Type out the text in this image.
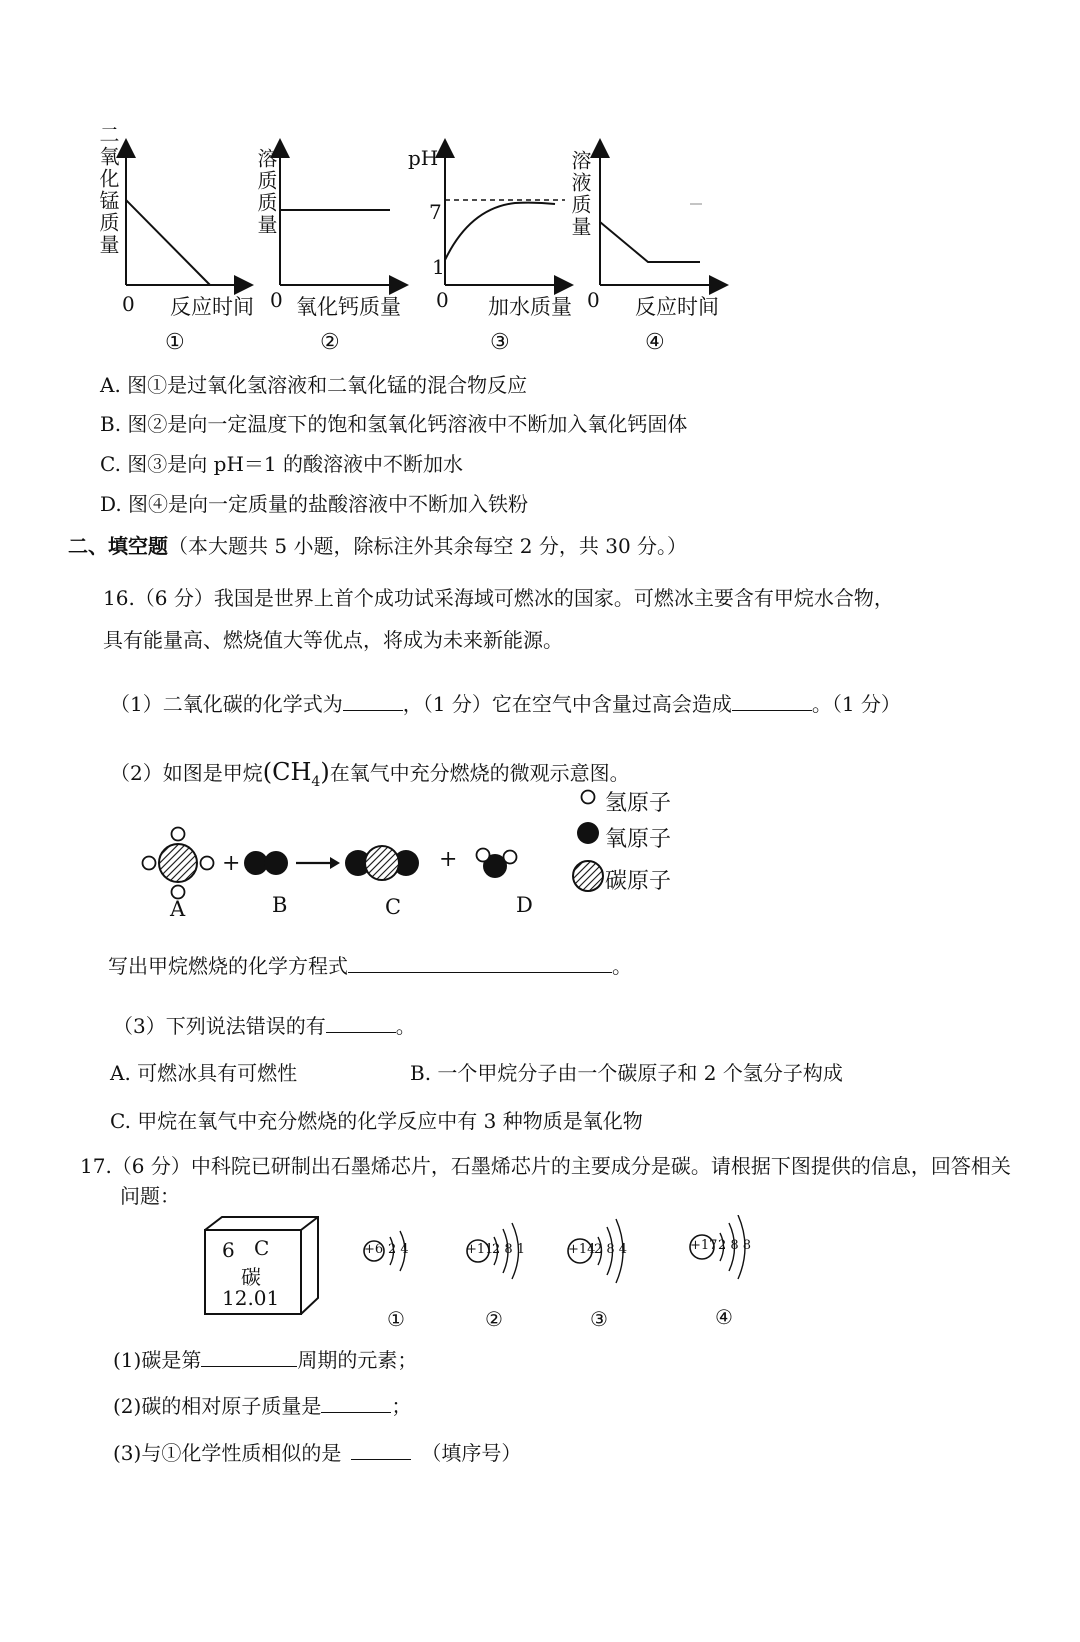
二氧化锰质量
0 反应时间
①
溶质质量
0 氧化钙质量
②
pH
7
1
0 加水质量
③
溶液质量
0 反应时间
④
A. 图①是过氧化氢溶液和二氧化锰的混合物反应
B. 图②是向一定温度下的饱和氢氧化钙溶液中不断加入氧化钙固体
C. 图③是向 pH＝1 的酸溶液中不断加水
D. 图④是向一定质量的盐酸溶液中不断加入铁粉
二、填空题（本大题共 5 小题，除标注外其余每空 2 分，共 30 分。）
16.（6 分）我国是世界上首个成功试采海域可燃冰的国家。可燃冰主要含有甲烷水合物，
具有能量高、燃烧值大等优点，将成为未来新能源。
（1）二氧化碳的化学式为	，（1 分）它在空气中含量过高会造成	。（1 分）
（2）如图是甲烷$(CH_4)$在氧气中充分燃烧的微观示意图。
+	+
氢原子
氧原子
碳原子
A	B	C	D
写出甲烷燃烧的化学方程式	。
（3）下列说法错误的有	。
A. 可燃冰具有可燃性	B. 一个甲烷分子由一个碳原子和 2 个氢分子构成
C. 甲烷在氧气中充分燃烧的化学反应中有 3 种物质是氧化物
17.（6 分）中科院已研制出石墨烯芯片，石墨烯芯片的主要成分是碳。请根据下图提供的信息，回答相关
问题：
6 C
碳
12.01
+6 2 4
①
+11
2 8 1
②
+14
2 8 4
③
+17 2 8 8
④
(1)碳是第	周期的元素；
(2)碳的相对原子质量是	；
(3)与①化学性质相似的是	（填序号）
